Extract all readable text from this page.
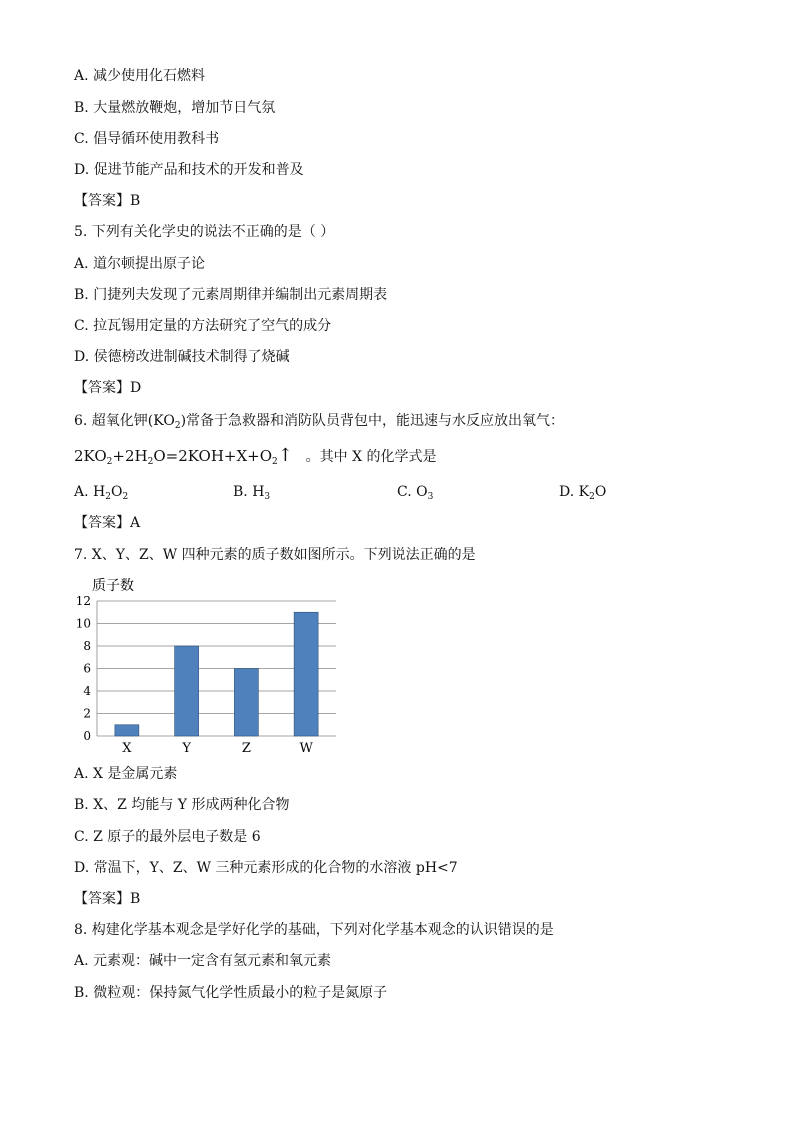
A. 减少使用化石燃料
B. 大量燃放鞭炮，增加节日气氛
C. 倡导循环使用教科书
D. 促进节能产品和技术的开发和普及
【答案】B
5. 下列有关化学史的说法不正确的是（ ）
A. 道尔顿提出原子论
B. 门捷列夫发现了元素周期律并编制出元素周期表
C. 拉瓦锡用定量的方法研究了空气的成分
D. 侯德榜改进制碱技术制得了烧碱
【答案】D
6. 超氧化钾$(KO_2)$常备于急救器和消防队员背包中，能迅速与水反应放出氧气：
$2KO_2+2H_2O=2KOH+X+O_2↑$ 。其中 X 的化学式是
A. $H_2O_2$	B. $H_3$	C. $O_3$	D. $K_2O$
【答案】A
7. X、Y、Z、W 四种元素的质子数如图所示。下列说法正确的是
质子数
0
2
4
6
8
10
12
X	Y	Z	W
A. X 是金属元素
B. X、Z 均能与 Y 形成两种化合物
C. Z 原子的最外层电子数是 6
D. 常温下，Y、Z、W 三种元素形成的化合物的水溶液 pH<7
【答案】B
8. 构建化学基本观念是学好化学的基础，下列对化学基本观念的认识错误的是
A. 元素观：碱中一定含有氢元素和氧元素
B. 微粒观：保持氮气化学性质最小的粒子是氮原子
